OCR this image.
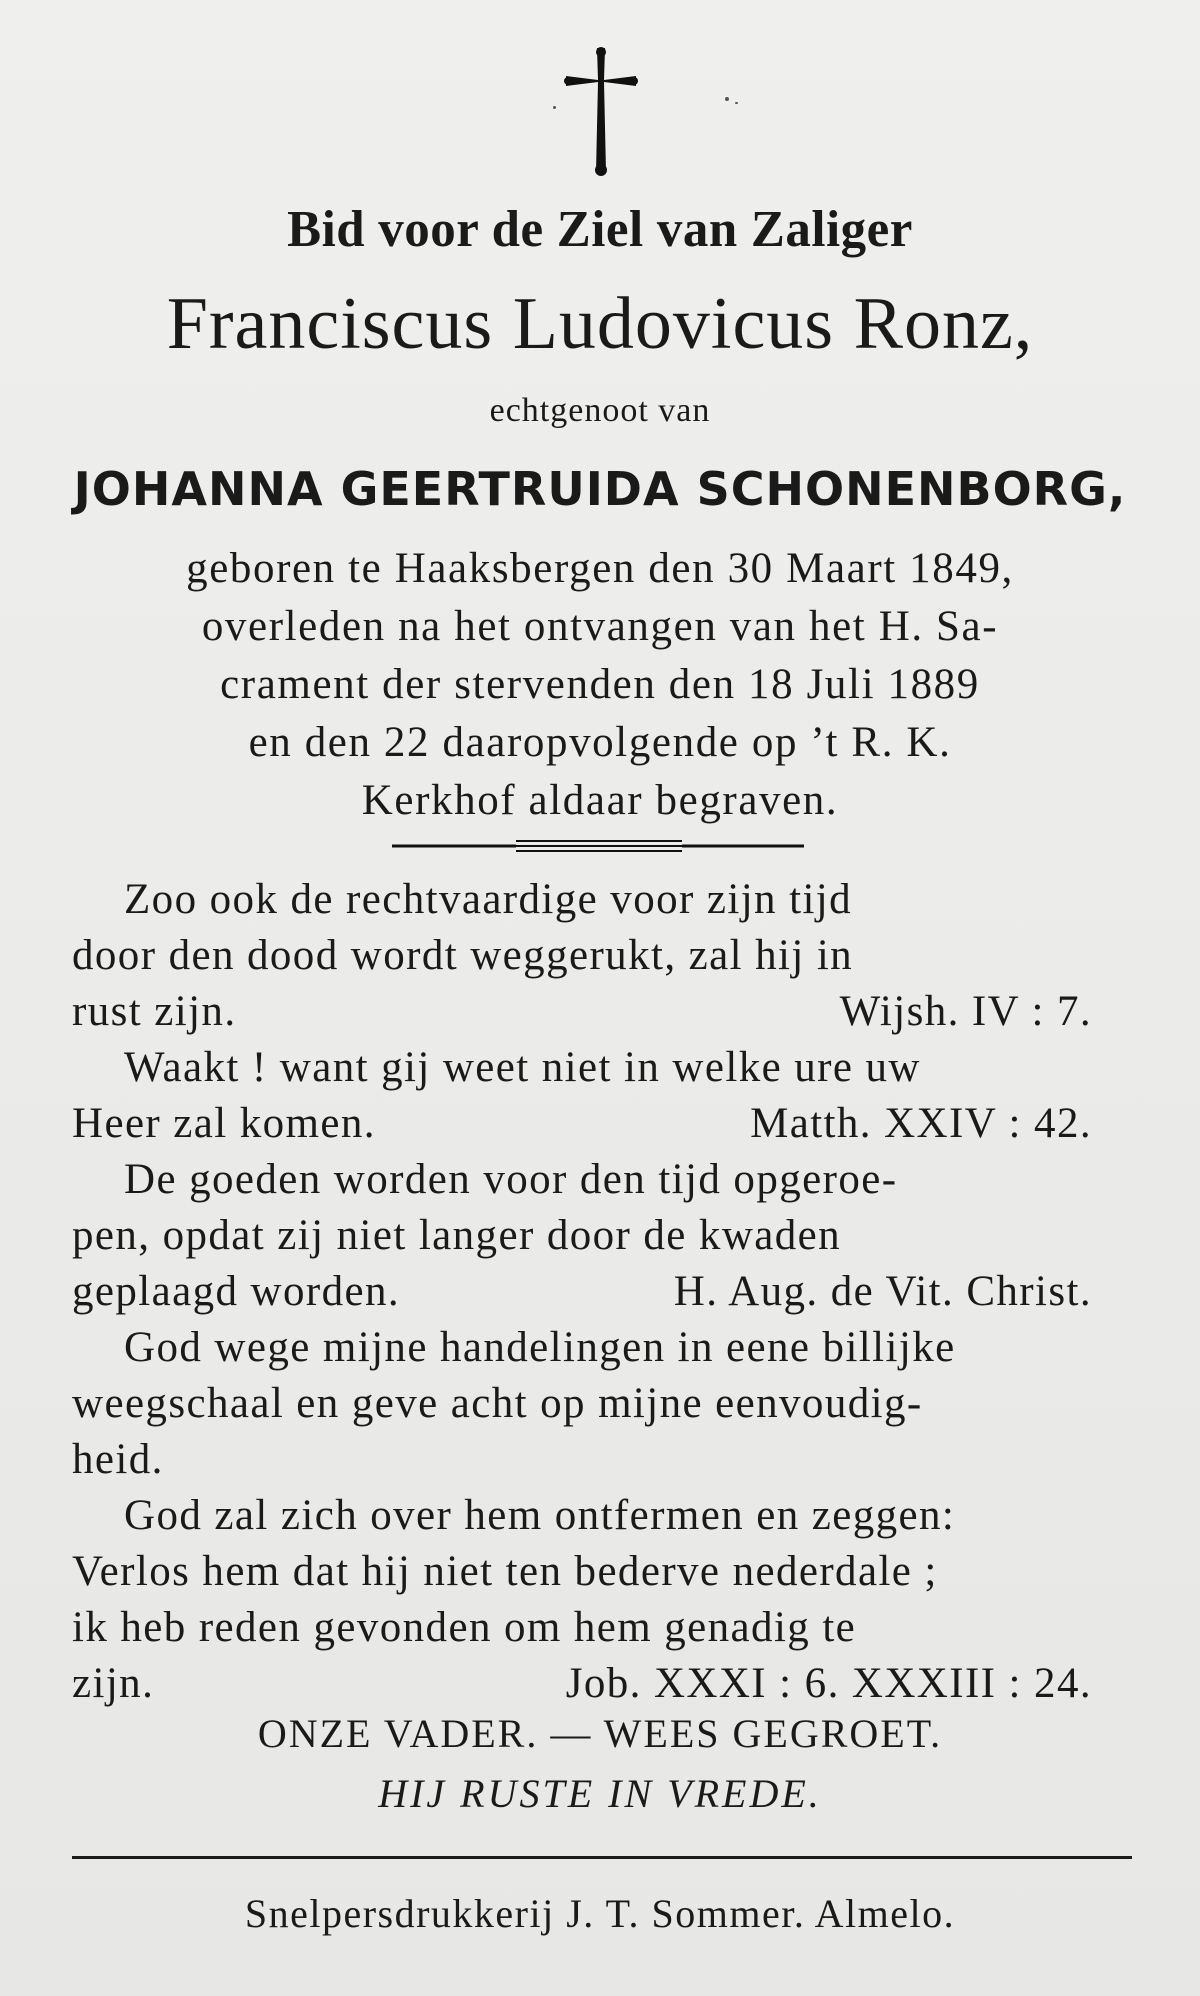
Bid voor de Ziel van Zaliger
Franciscus Ludovicus Ronz,
echtgenoot van
JOHANNA GEERTRUIDA SCHONENBORG,
geboren te Haaksbergen den 30 Maart 1849,
overleden na het ontvangen van het H. Sa-
crament der stervenden den 18 Juli 1889
en den 22 daaropvolgende op ’t R. K.
Kerkhof aldaar begraven.
Zoo ook de rechtvaardige voor zijn tijd
door den dood wordt weggerukt, zal hij in
rust zijn.	Wijsh. IV : 7.
Waakt ! want gij weet niet in welke ure uw
Heer zal komen.	Matth. XXIV : 42.
De goeden worden voor den tijd opgeroe-
pen, opdat zij niet langer door de kwaden
geplaagd worden.	H. Aug. de Vit. Christ.
God wege mijne handelingen in eene billijke
weegschaal en geve acht op mijne eenvoudig-
heid.
God zal zich over hem ontfermen en zeggen:
Verlos hem dat hij niet ten bederve nederdale ;
ik heb reden gevonden om hem genadig te
zijn.	Job. XXXI : 6. XXXIII : 24.
ONZE VADER. — WEES GEGROET.
HIJ RUSTE IN VREDE.
Snelpersdrukkerij J. T. Sommer. Almelo.
